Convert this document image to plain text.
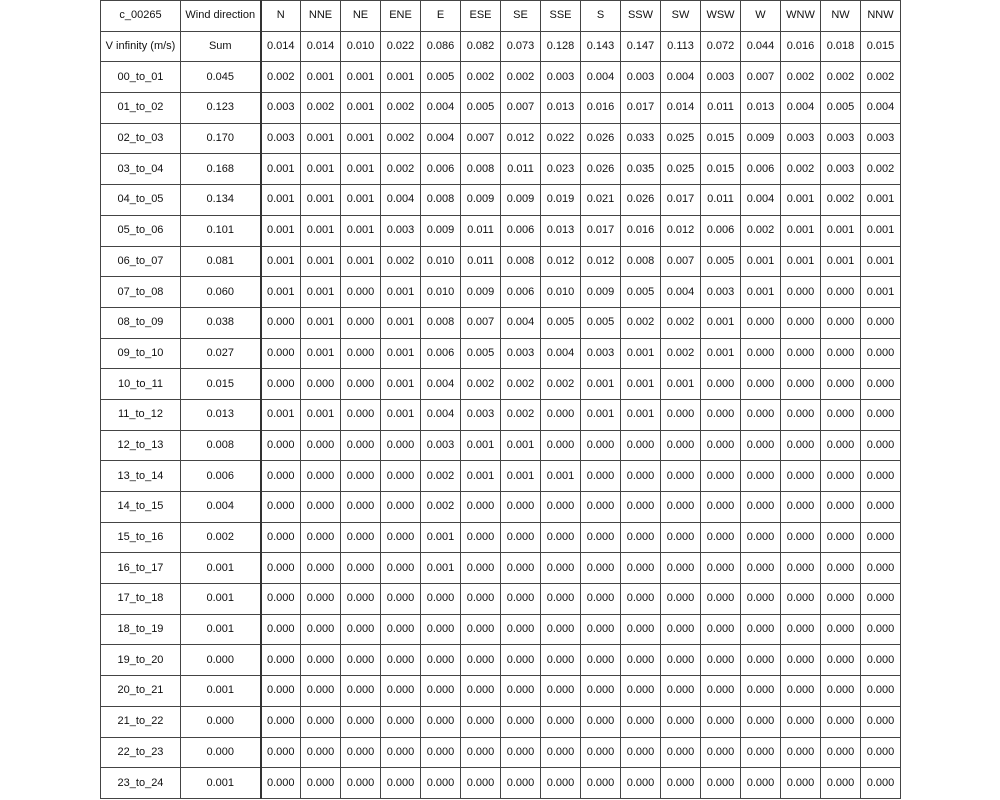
c_00265	Wind direction	N	NNE	NE	ENE	E	ESE	SE	SSE	S	SSW	SW	WSW	W	WNW	NW	NNW
V infinity (m/s)	Sum	0.014	0.014	0.010	0.022	0.086	0.082	0.073	0.128	0.143	0.147	0.113	0.072	0.044	0.016	0.018	0.015
00_to_01	0.045	0.002	0.001	0.001	0.001	0.005	0.002	0.002	0.003	0.004	0.003	0.004	0.003	0.007	0.002	0.002	0.002
01_to_02	0.123	0.003	0.002	0.001	0.002	0.004	0.005	0.007	0.013	0.016	0.017	0.014	0.011	0.013	0.004	0.005	0.004
02_to_03	0.170	0.003	0.001	0.001	0.002	0.004	0.007	0.012	0.022	0.026	0.033	0.025	0.015	0.009	0.003	0.003	0.003
03_to_04	0.168	0.001	0.001	0.001	0.002	0.006	0.008	0.011	0.023	0.026	0.035	0.025	0.015	0.006	0.002	0.003	0.002
04_to_05	0.134	0.001	0.001	0.001	0.004	0.008	0.009	0.009	0.019	0.021	0.026	0.017	0.011	0.004	0.001	0.002	0.001
05_to_06	0.101	0.001	0.001	0.001	0.003	0.009	0.011	0.006	0.013	0.017	0.016	0.012	0.006	0.002	0.001	0.001	0.001
06_to_07	0.081	0.001	0.001	0.001	0.002	0.010	0.011	0.008	0.012	0.012	0.008	0.007	0.005	0.001	0.001	0.001	0.001
07_to_08	0.060	0.001	0.001	0.000	0.001	0.010	0.009	0.006	0.010	0.009	0.005	0.004	0.003	0.001	0.000	0.000	0.001
08_to_09	0.038	0.000	0.001	0.000	0.001	0.008	0.007	0.004	0.005	0.005	0.002	0.002	0.001	0.000	0.000	0.000	0.000
09_to_10	0.027	0.000	0.001	0.000	0.001	0.006	0.005	0.003	0.004	0.003	0.001	0.002	0.001	0.000	0.000	0.000	0.000
10_to_11	0.015	0.000	0.000	0.000	0.001	0.004	0.002	0.002	0.002	0.001	0.001	0.001	0.000	0.000	0.000	0.000	0.000
11_to_12	0.013	0.001	0.001	0.000	0.001	0.004	0.003	0.002	0.000	0.001	0.001	0.000	0.000	0.000	0.000	0.000	0.000
12_to_13	0.008	0.000	0.000	0.000	0.000	0.003	0.001	0.001	0.000	0.000	0.000	0.000	0.000	0.000	0.000	0.000	0.000
13_to_14	0.006	0.000	0.000	0.000	0.000	0.002	0.001	0.001	0.001	0.000	0.000	0.000	0.000	0.000	0.000	0.000	0.000
14_to_15	0.004	0.000	0.000	0.000	0.000	0.002	0.000	0.000	0.000	0.000	0.000	0.000	0.000	0.000	0.000	0.000	0.000
15_to_16	0.002	0.000	0.000	0.000	0.000	0.001	0.000	0.000	0.000	0.000	0.000	0.000	0.000	0.000	0.000	0.000	0.000
16_to_17	0.001	0.000	0.000	0.000	0.000	0.001	0.000	0.000	0.000	0.000	0.000	0.000	0.000	0.000	0.000	0.000	0.000
17_to_18	0.001	0.000	0.000	0.000	0.000	0.000	0.000	0.000	0.000	0.000	0.000	0.000	0.000	0.000	0.000	0.000	0.000
18_to_19	0.001	0.000	0.000	0.000	0.000	0.000	0.000	0.000	0.000	0.000	0.000	0.000	0.000	0.000	0.000	0.000	0.000
19_to_20	0.000	0.000	0.000	0.000	0.000	0.000	0.000	0.000	0.000	0.000	0.000	0.000	0.000	0.000	0.000	0.000	0.000
20_to_21	0.001	0.000	0.000	0.000	0.000	0.000	0.000	0.000	0.000	0.000	0.000	0.000	0.000	0.000	0.000	0.000	0.000
21_to_22	0.000	0.000	0.000	0.000	0.000	0.000	0.000	0.000	0.000	0.000	0.000	0.000	0.000	0.000	0.000	0.000	0.000
22_to_23	0.000	0.000	0.000	0.000	0.000	0.000	0.000	0.000	0.000	0.000	0.000	0.000	0.000	0.000	0.000	0.000	0.000
23_to_24	0.001	0.000	0.000	0.000	0.000	0.000	0.000	0.000	0.000	0.000	0.000	0.000	0.000	0.000	0.000	0.000	0.000
